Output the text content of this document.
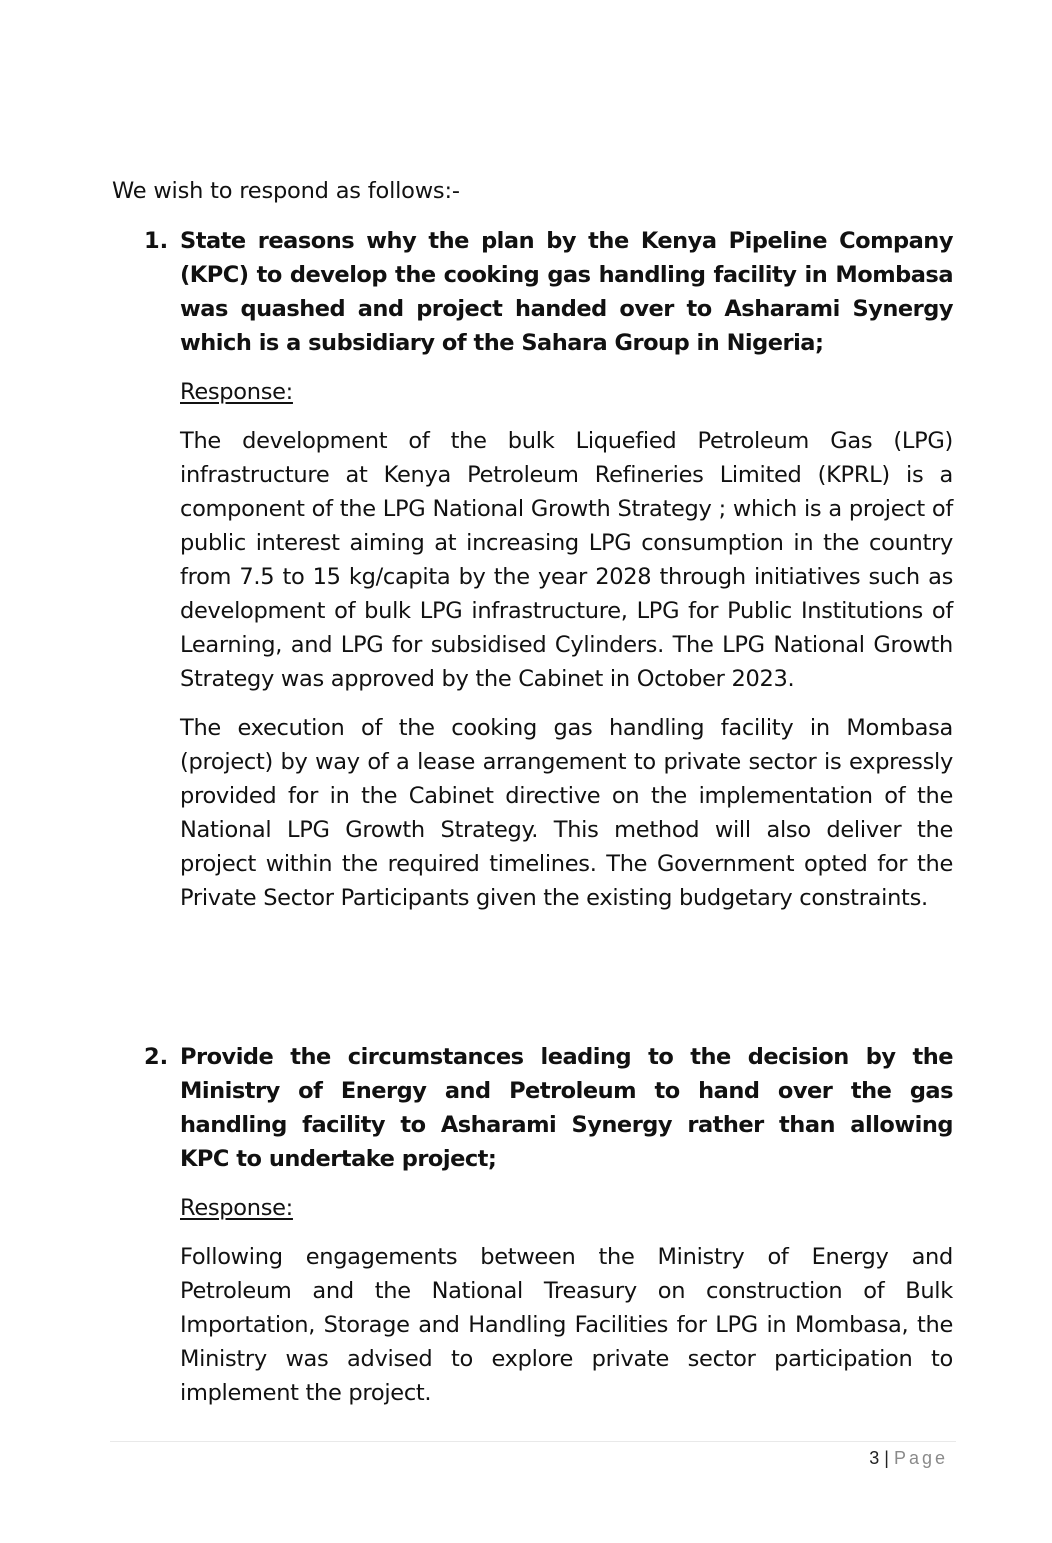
We wish to respond as follows:-
1. State reasons why the plan by the Kenya Pipeline Company (KPC) to develop the cooking gas handling facility in Mombasa was quashed and project handed over to Asharami Synergy which is a subsidiary of the Sahara Group in Nigeria;

Response:

The development of the bulk Liquefied Petroleum Gas (LPG) infrastructure at Kenya Petroleum Refineries Limited (KPRL) is a component of the LPG National Growth Strategy ; which is a project of public interest aiming at increasing LPG consumption in the country from 7.5 to 15 kg/capita by the year 2028 through initiatives such as development of bulk LPG infrastructure, LPG for Public Institutions of Learning, and LPG for subsidised Cylinders. The LPG National Growth Strategy was approved by the Cabinet in October 2023.

The execution of the cooking gas handling facility in Mombasa (project) by way of a lease arrangement to private sector is expressly provided for in the Cabinet directive on the implementation of the National LPG Growth Strategy. This method will also deliver the project within the required timelines. The Government opted for the Private Sector Participants given the existing budgetary constraints.

2. Provide the circumstances leading to the decision by the Ministry of Energy and Petroleum to hand over the gas handling facility to Asharami Synergy rather than allowing KPC to undertake project;

Response:

Following engagements between the Ministry of Energy and Petroleum and the National Treasury on construction of Bulk Importation, Storage and Handling Facilities for LPG in Mombasa, the Ministry was advised to explore private sector participation to implement the project.

3 | Page
